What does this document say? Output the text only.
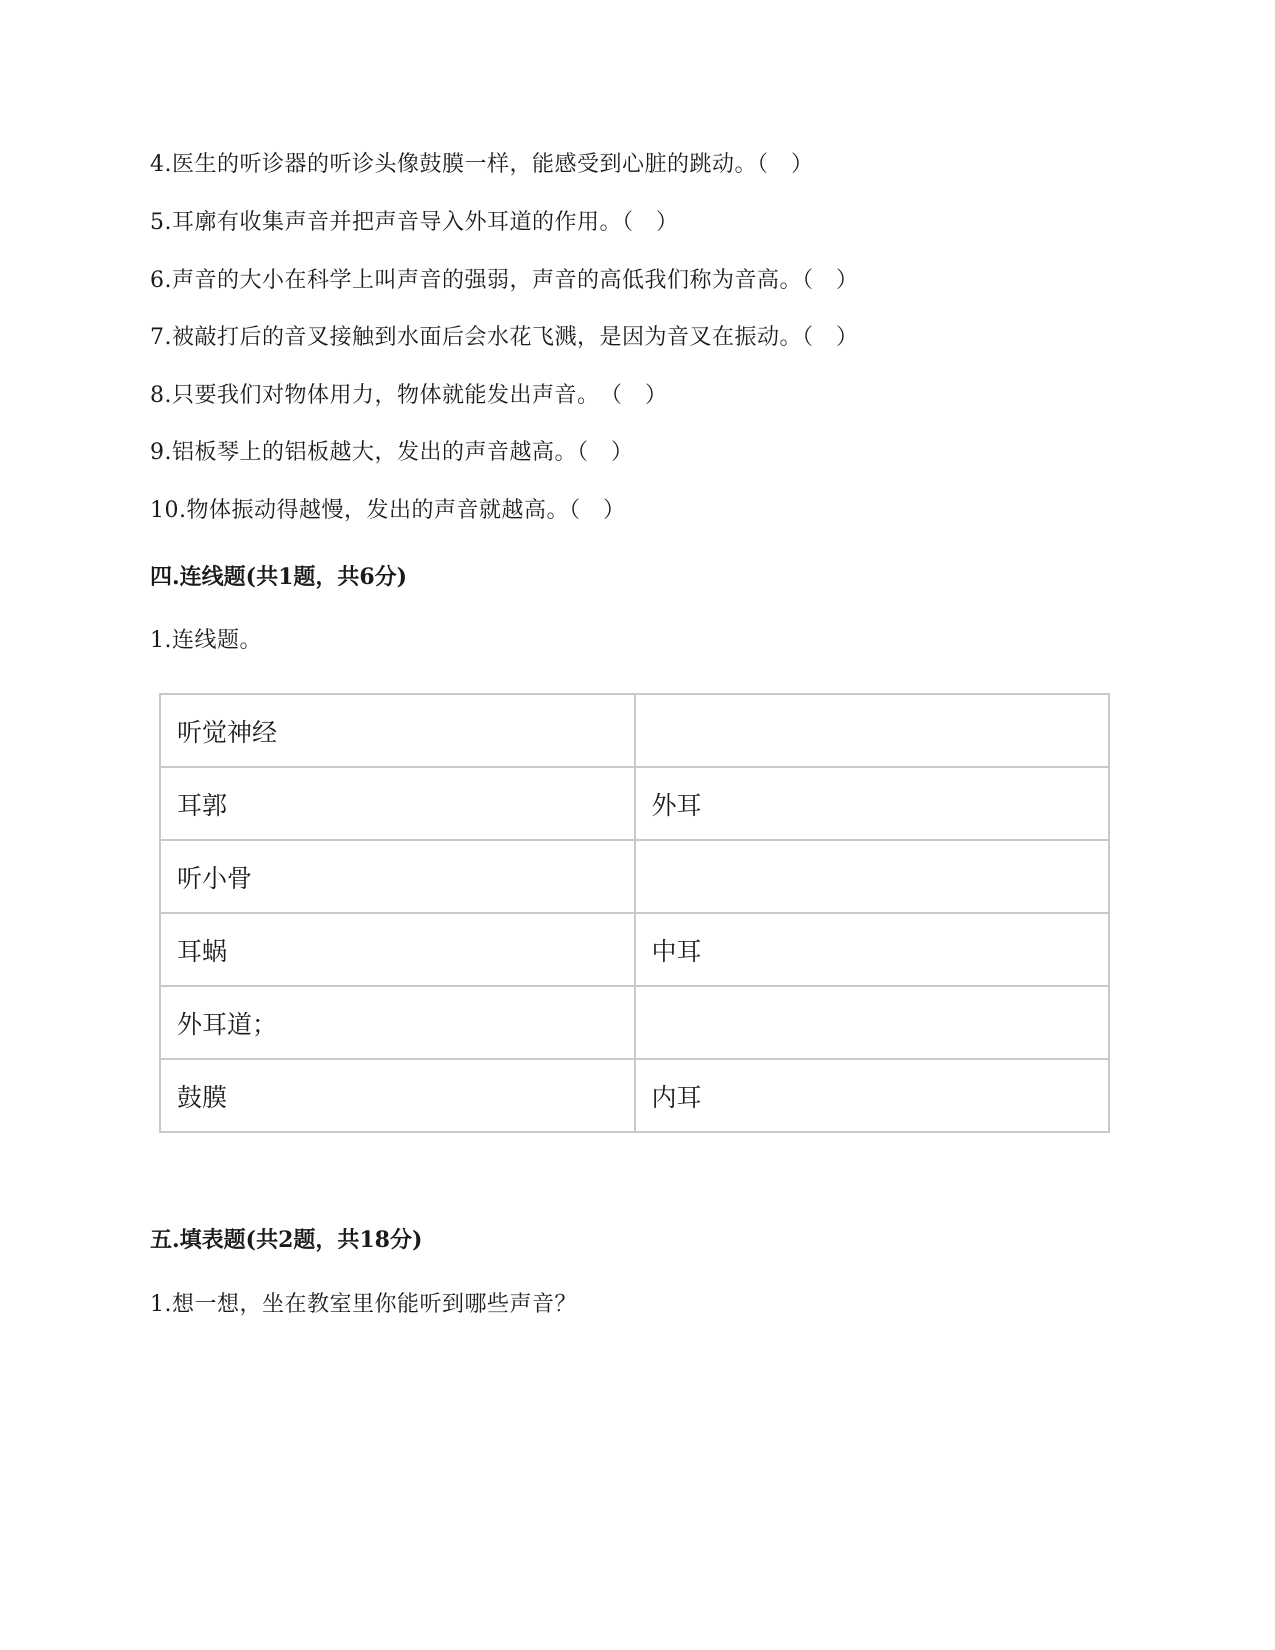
4.医生的听诊器的听诊头像鼓膜一样，能感受到心脏的跳动。（　）
5.耳廓有收集声音并把声音导入外耳道的作用。（　）
6.声音的大小在科学上叫声音的强弱，声音的高低我们称为音高。（　）
7.被敲打后的音叉接触到水面后会水花飞溅，是因为音叉在振动。（　）
8.只要我们对物体用力，物体就能发出声音。　（　）
9.铝板琴上的铝板越大，发出的声音越高。（　）
10.物体振动得越慢，发出的声音就越高。（　）
四.连线题(共1题，共6分)
1.连线题。
听觉神经	
耳郭	外耳
听小骨	
耳蜗	中耳
外耳道；	
鼓膜	内耳
五.填表题(共2题，共18分)
1.想一想，坐在教室里你能听到哪些声音？
